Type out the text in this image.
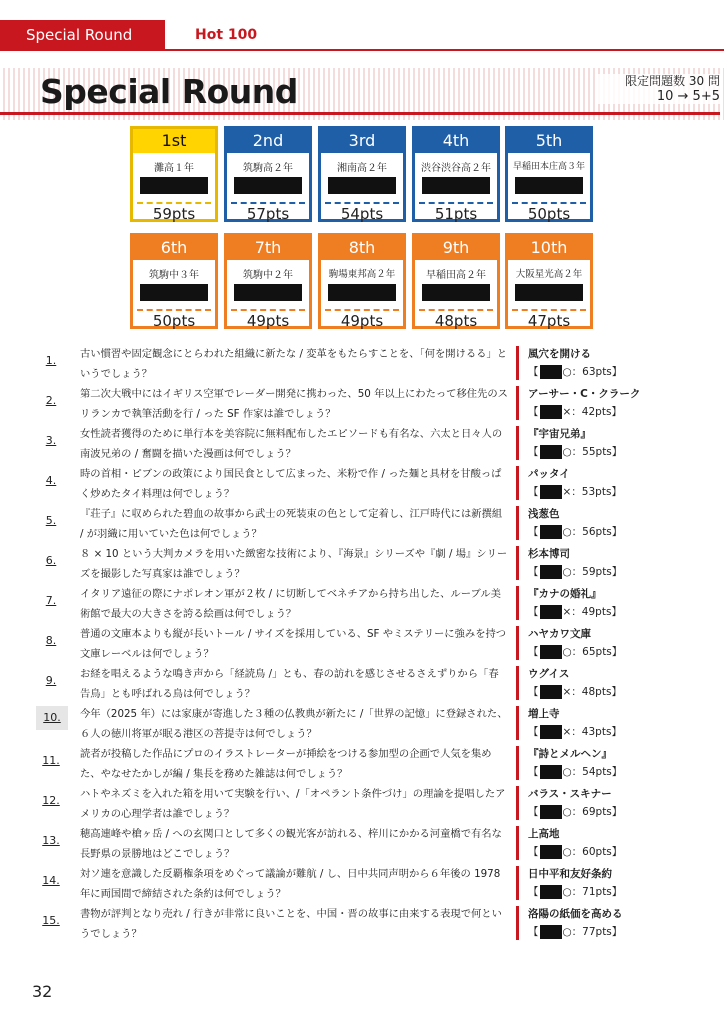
Special Round	Hot 100
Special Round	限定問題数 30 問
10 → 5+5
1st
灘高１年
59pts
2nd
筑駒高２年
57pts
3rd
湘南高２年
54pts
4th
渋谷渋谷高２年
51pts
5th
早稲田本庄高３年
50pts
6th
筑駒中３年
50pts
7th
筑駒中２年
49pts
8th
駒場東邦高２年
49pts
9th
早稲田高２年
48pts
10th
大阪星光高２年
47pts
1.	古い慣習や固定観念にとらわれた組織に新たな / 変革をもたらすことを、「何を開けるる」というでしょう？
風穴を開ける
【 ○：63pts】
2.	第二次大戦中にはイギリス空軍でレーダー開発に携わった、50 年以上にわたって移住先のスリランカで執筆活動を行 / った SF 作家は誰でしょう？
アーサー・C・クラーク
【 ×：42pts】
3.	女性読者獲得のために単行本を美容院に無料配布したエピソードも有名な、六太と日々人の南波兄弟の / 奮闘を描いた漫画は何でしょう？
『宇宙兄弟』
【 ○：55pts】
4.	時の首相・ピブンの政策により国民食として広まった、米粉で作 / った麺と具材を甘酸っぱく炒めたタイ料理は何でしょう？
パッタイ
【 ×：53pts】
5.	『荘子』に収められた碧血の故事から武士の死装束の色として定着し、江戸時代には新撰組 / が羽織に用いていた色は何でしょう？
浅葱色
【 ○：56pts】
6.	８ × 10 という大判カメラを用いた緻密な技術により、『海景』シリーズや『劇 / 場』シリーズを撮影した写真家は誰でしょう？
杉本博司
【 ○：59pts】
7.	イタリア遠征の際にナポレオン軍が２枚 / に切断してベネチアから持ち出した、ルーブル美術館で最大の大きさを誇る絵画は何でしょう？
『カナの婚礼』
【 ×：49pts】
8.	普通の文庫本よりも縦が長いトール / サイズを採用している、SF やミステリーに強みを持つ文庫レーベルは何でしょう？
ハヤカワ文庫
【 ○：65pts】
9.	お経を唱えるような鳴き声から「経読鳥 /」とも、春の訪れを感じさせるさえずりから「春告鳥」とも呼ばれる鳥は何でしょう？
ウグイス
【 ×：48pts】
10.	今年（2025 年）には家康が寄進した３種の仏教典が新たに /「世界の記憶」に登録された、６人の徳川将軍が眠る港区の菩提寺は何でしょう？
増上寺
【 ×：43pts】
11.	読者が投稿した作品にプロのイラストレーターが挿絵をつける参加型の企画で人気を集めた、やなせたかしが編 / 集長を務めた雑誌は何でしょう？
『詩とメルヘン』
【 ○：54pts】
12.	ハトやネズミを入れた箱を用いて実験を行い、/「オペラント条件づけ」の理論を提唱したアメリカの心理学者は誰でしょう？
バラス・スキナー
【 ○：69pts】
13.	穂高連峰や槍ヶ岳 / への玄関口として多くの観光客が訪れる、梓川にかかる河童橋で有名な長野県の景勝地はどこでしょう？
上高地
【 ○：60pts】
14.	対ソ連を意識した反覇権条項をめぐって議論が難航 / し、日中共同声明から６年後の 1978 年に両国間で締結された条約は何でしょう？
日中平和友好条約
【 ○：71pts】
15.	書物が評判となり売れ / 行きが非常に良いことを、中国・晋の故事に由来する表現で何というでしょう？
洛陽の紙価を高める
【 ○：77pts】
32
